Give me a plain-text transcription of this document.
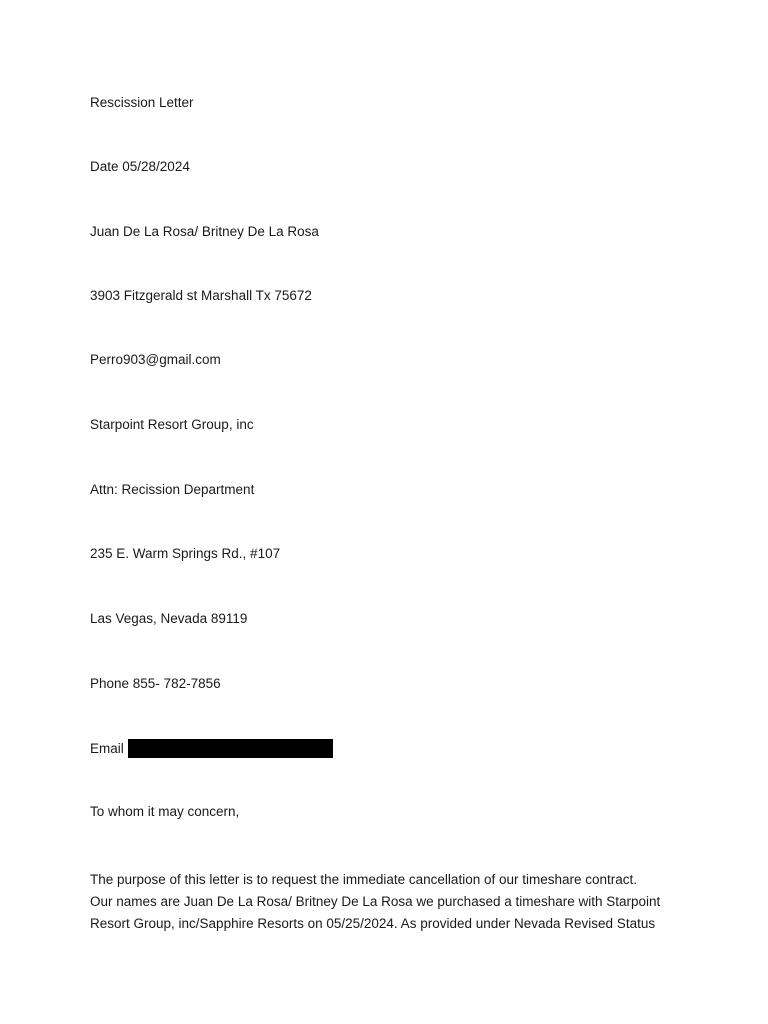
Rescission Letter
Date 05/28/2024
Juan De La Rosa/ Britney De La Rosa
3903 Fitzgerald st Marshall Tx 75672
Perro903@gmail.com
Starpoint Resort Group, inc
Attn: Recission Department
235 E. Warm Springs Rd., #107
Las Vegas, Nevada 89119
Phone 855- 782-7856
Email
To whom it may concern,
The purpose of this letter is to request the immediate cancellation of our timeshare contract.
Our names are Juan De La Rosa/ Britney De La Rosa we purchased a timeshare with Starpoint
Resort Group, inc/Sapphire Resorts on 05/25/2024. As provided under Nevada Revised Status
